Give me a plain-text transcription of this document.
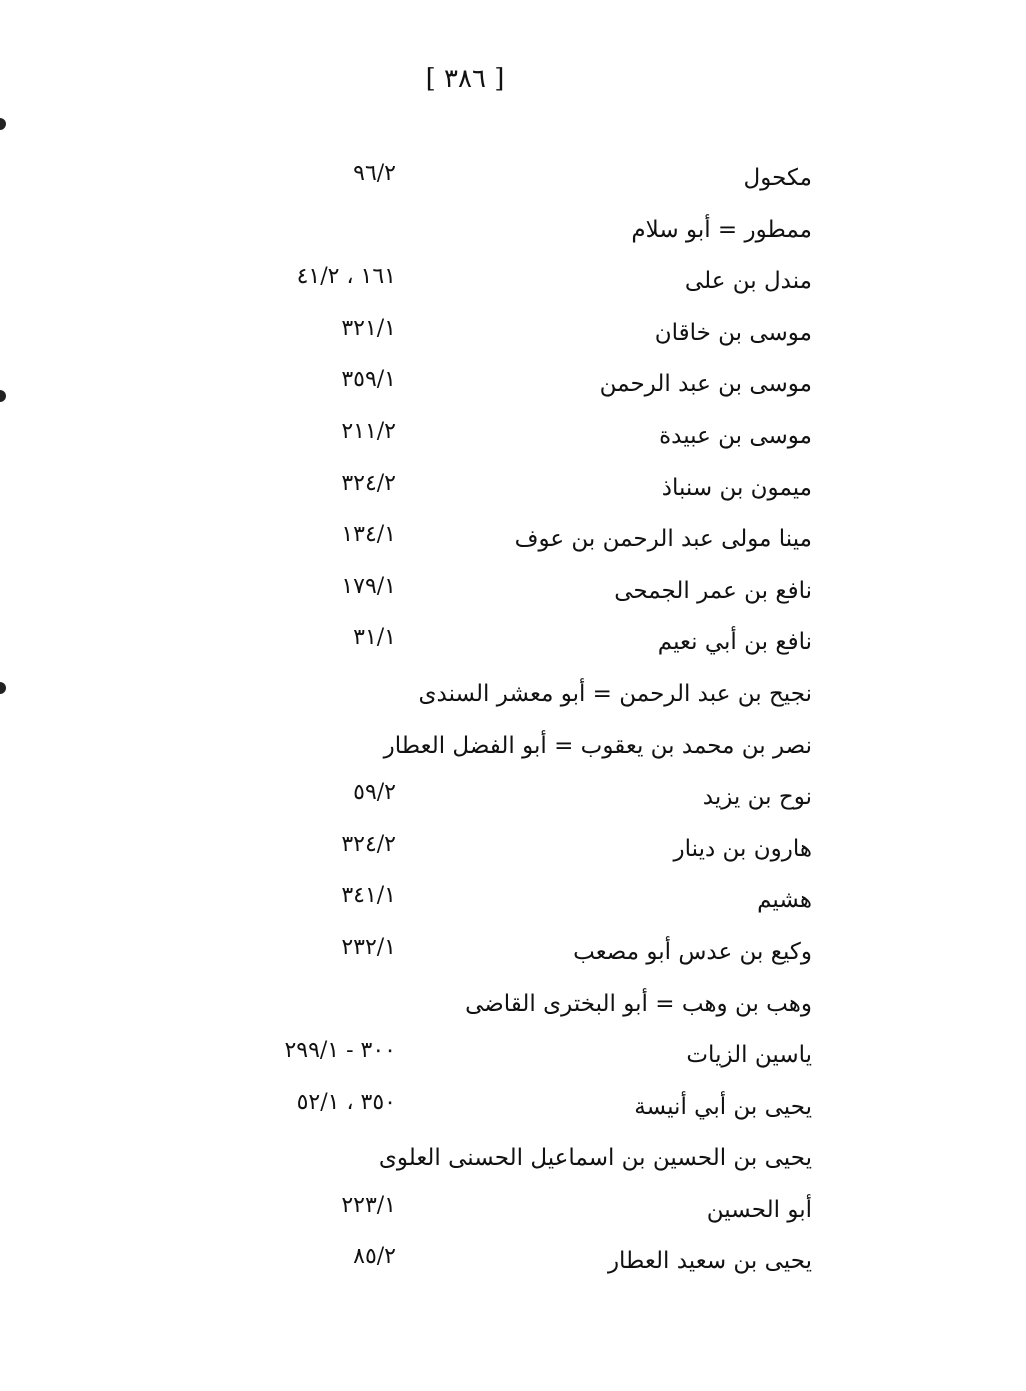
[ ٣٨٦ ]
مكحول
٩٦/٢
ممطور = أبو سلام
مندل بن على
١٦١ ، ٤١/٢
موسى بن خاقان
٣٢١/١
موسى بن عبد الرحمن
٣٥٩/١
موسى بن عبيدة
٢١١/٢
ميمون بن سنباذ
٣٢٤/٢
مينا مولى عبد الرحمن بن عوف
١٣٤/١
نافع بن عمر الجمحى
١٧٩/١
نافع بن أبي نعيم
٣١/١
نجيح بن عبد الرحمن = أبو معشر السندى
نصر بن محمد بن يعقوب = أبو الفضل العطار
نوح بن يزيد
٥٩/٢
هارون بن دينار
٣٢٤/٢
هشيم
٣٤١/١
وكيع بن عدس أبو مصعب
٢٣٢/١
وهب بن وهب = أبو البخترى القاضى
ياسين الزيات
٣٠٠ - ٢٩٩/١
يحيى بن أبي أنيسة
٣٥٠ ، ٥٢/١
يحيى بن الحسين بن اسماعيل الحسنى العلوى
أبو الحسين
٢٢٣/١
يحيى بن سعيد العطار
٨٥/٢
